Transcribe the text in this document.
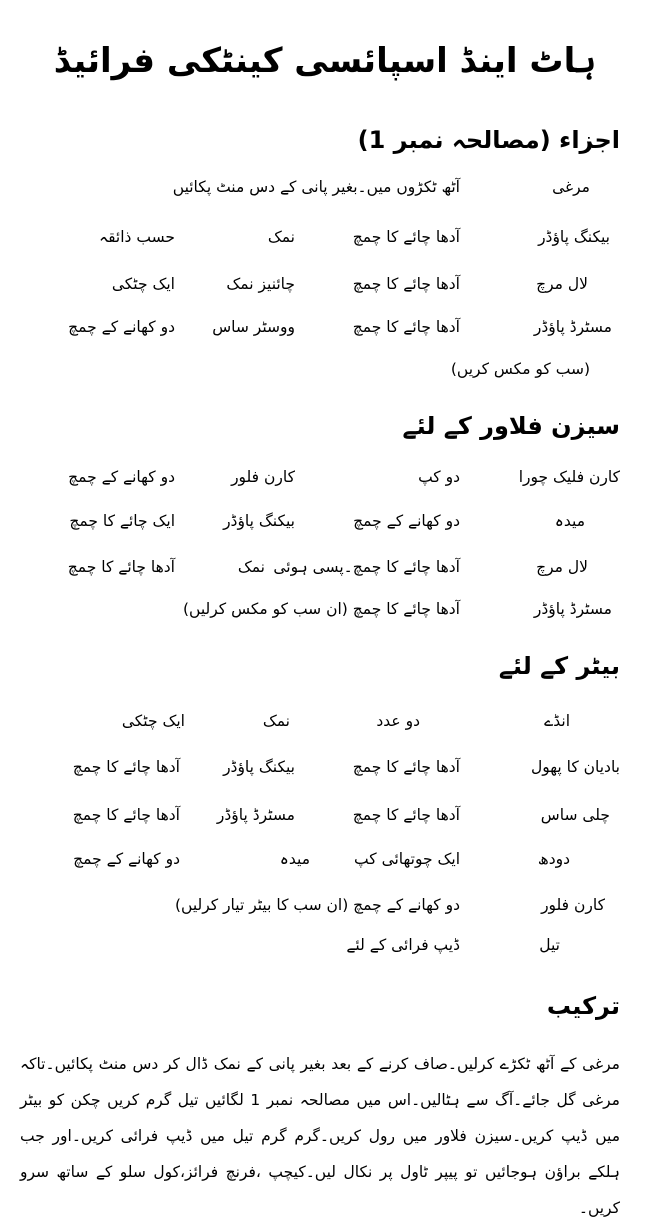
ہاٹ اینڈ اسپائسی کینٹکی فرائیڈ
اجزاء (مصالحہ نمبر 1)
مرغی
آٹھ ٹکڑوں میں۔بغیر پانی کے دس منٹ پکائیں
بیکنگ پاؤڈر
آدھا چائے کا چمچ
نمک
حسب ذائقہ
لال مرچ
آدھا چائے کا چمچ
چائنیز نمک
ایک چٹکی
مسٹرڈ پاؤڈر
آدھا چائے کا چمچ
ووسٹر ساس
دو کھانے کے چمچ
(سب کو مکس کریں)
سیزن فلاور کے لئے
کارن فلیک چورا
دو کپ
کارن فلور
دو کھانے کے چمچ
میدہ
دو کھانے کے چمچ
بیکنگ پاؤڈر
ایک چائے کا چمچ
لال مرچ
آدھا چائے کا چمچ۔پسی ہوئی
نمک
آدھا چائے کا چمچ
مسٹرڈ پاؤڈر
آدھا چائے کا چمچ (ان سب کو مکس کرلیں)
بیٹر کے لئے
انڈے
دو عدد
نمک
ایک چٹکی
بادیان کا پھول
آدھا چائے کا چمچ
بیکنگ پاؤڈر
آدھا چائے کا چمچ
چلی ساس
آدھا چائے کا چمچ
مسٹرڈ پاؤڈر
آدھا چائے کا چمچ
دودھ
ایک چوتھائی کپ
میدہ
دو کھانے کے چمچ
کارن فلور
دو کھانے کے چمچ (ان سب کا بیٹر تیار کرلیں)
تیل
ڈیپ فرائی کے لئے
ترکیب
مرغی کے آٹھ ٹکڑے کرلیں۔صاف کرنے کے بعد بغیر پانی کے نمک ڈال کر دس منٹ پکائیں۔تاکہ مرغی گل جائے۔آگ سے ہٹالیں۔اس میں مصالحہ نمبر 1 لگائیں تیل گرم کریں چکن کو بیٹر میں ڈیپ کریں۔سیزن فلاور میں رول کریں۔گرم گرم تیل میں ڈیپ فرائی کریں۔اور جب ہلکے براؤن ہوجائیں تو پیپر ٹاول پر نکال لیں۔کیچپ ،فرنچ فرائز،کول سلو کے ساتھ سرو کریں۔
